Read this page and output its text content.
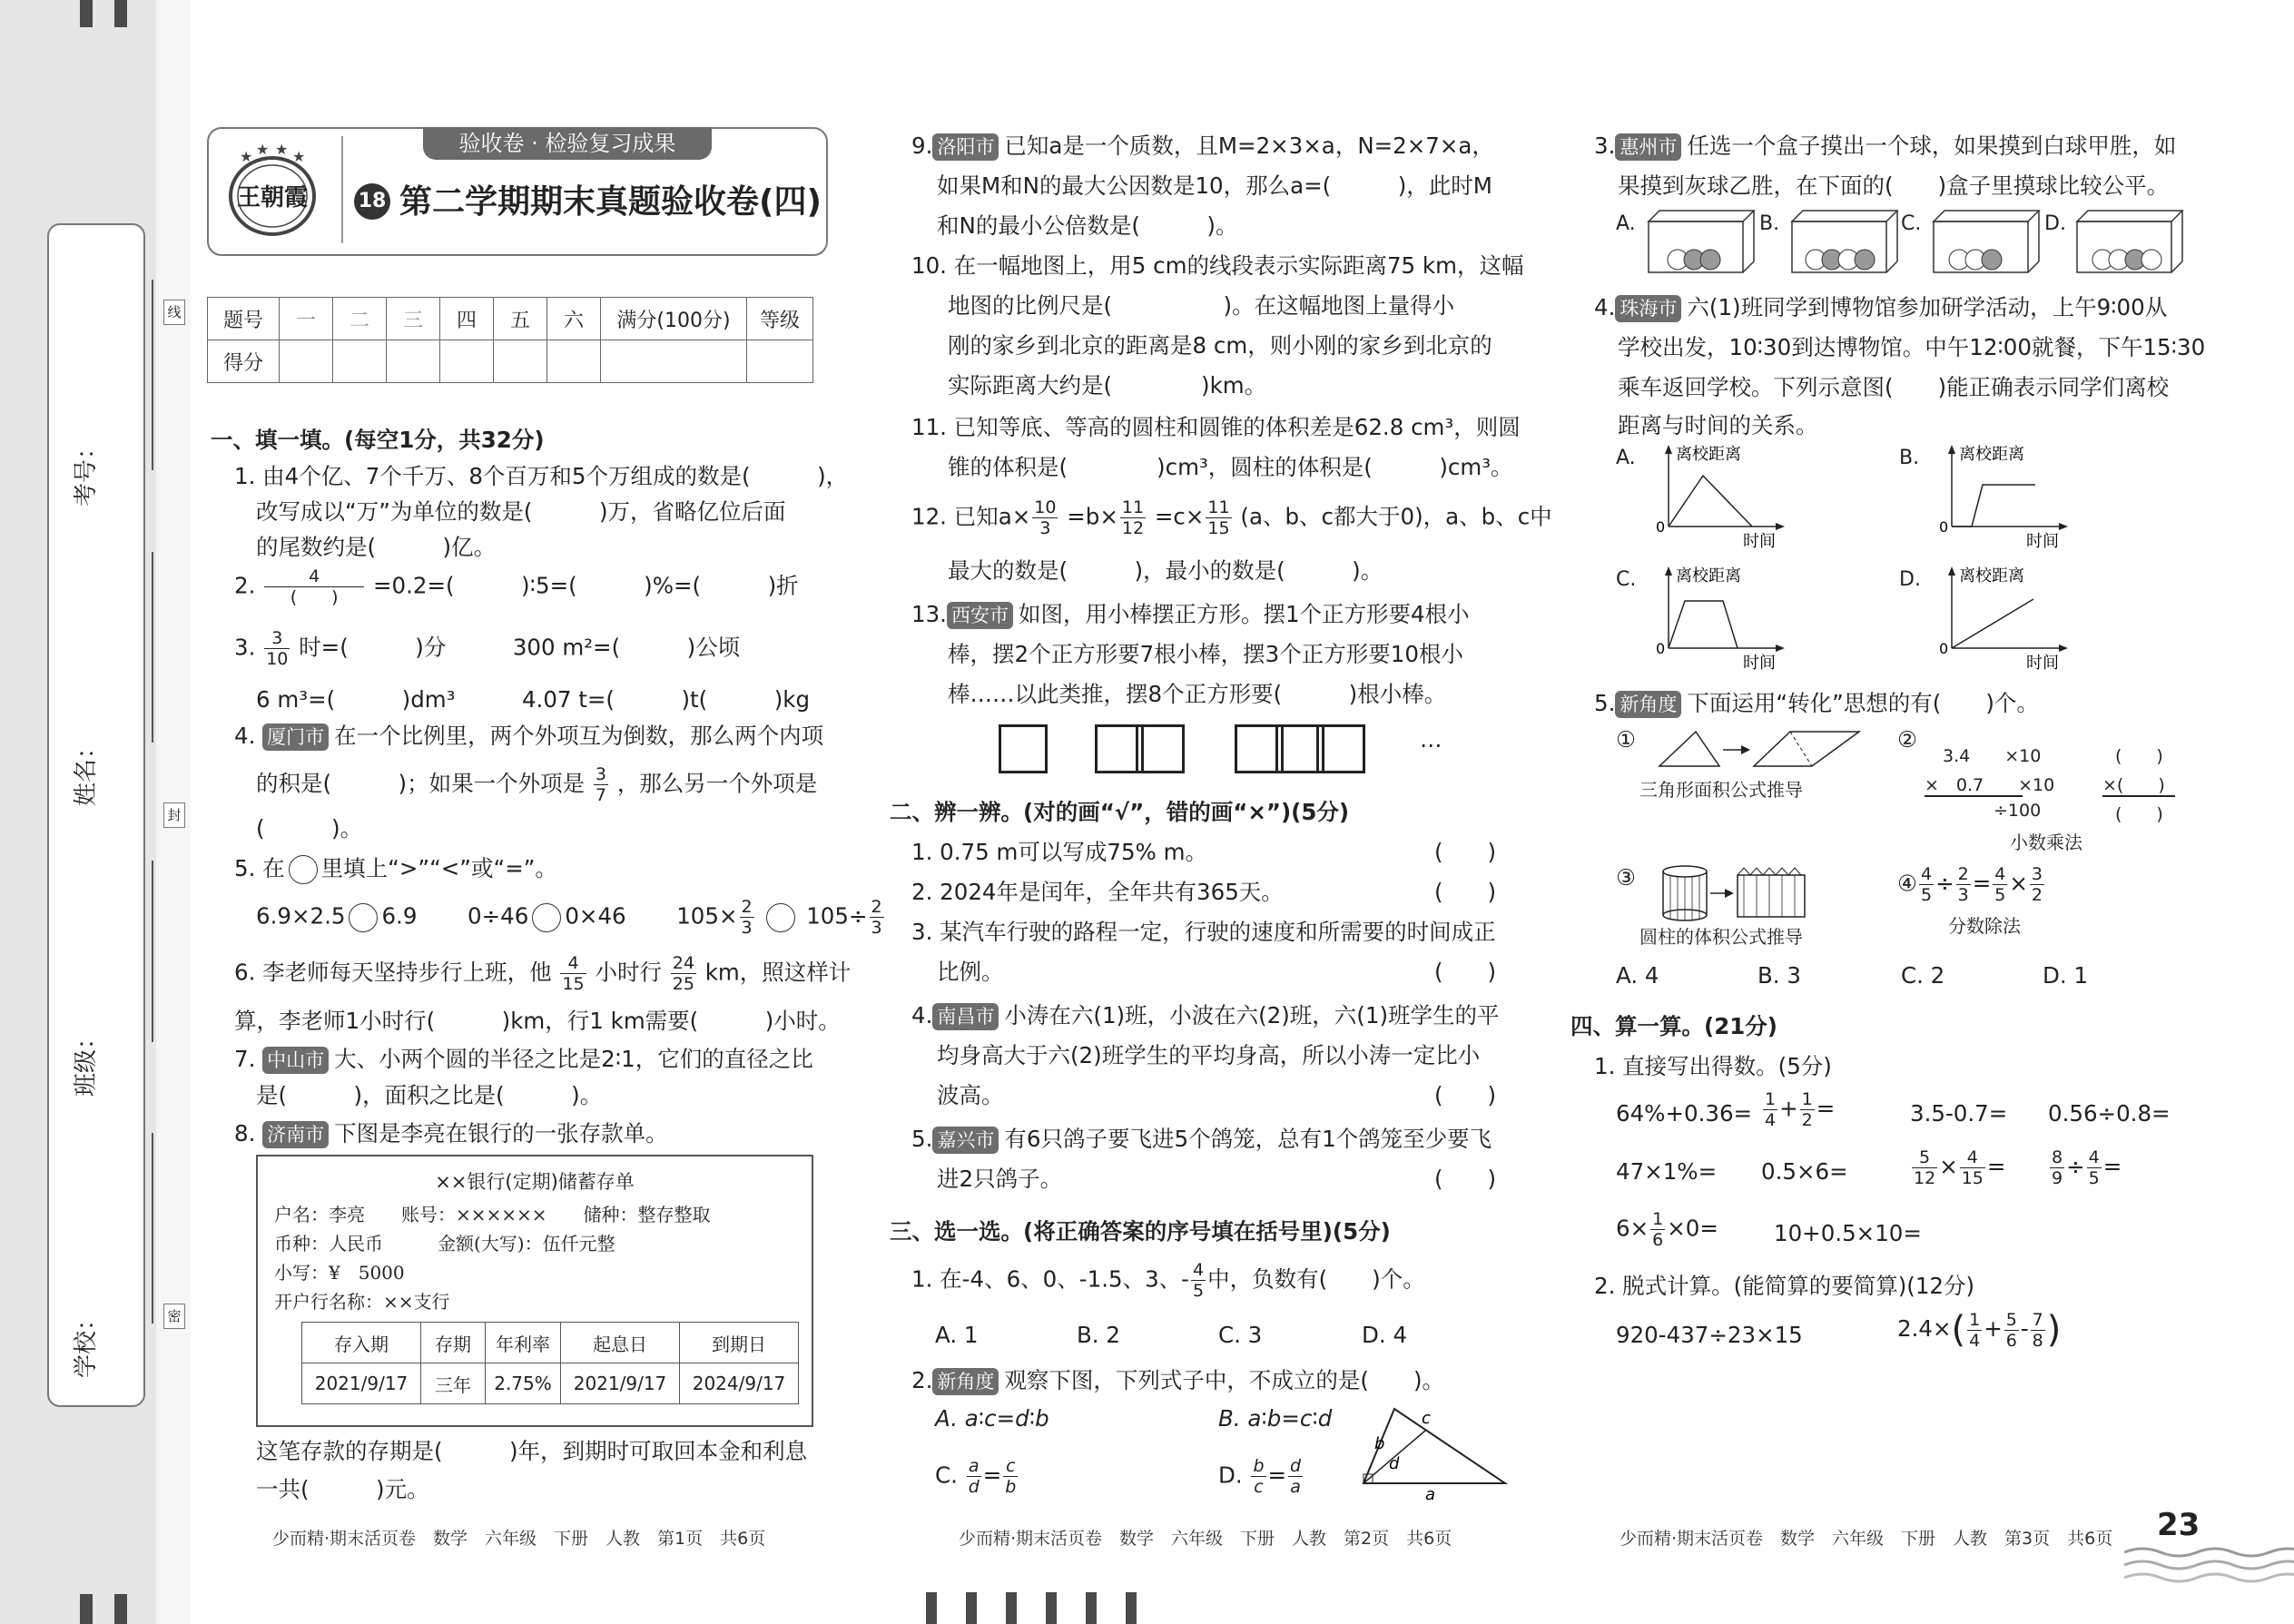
考号：
姓名：
班级：
学校：
线
封
密
★ ★ ★ ★
王朝霞
验收卷 · 检验复习成果
18 第二学期期末真题验收卷(四)
题号	一	二	三	四	五	六	满分(100分)	等级
得分								
一、填一填。(每空1分，共32分)
1. 由4个亿、7个千万、8个百万和5个万组成的数是(　　　)，
改写成以“万”为单位的数是(　　　)万，省略亿位后面
的尾数约是(　　　)亿。
2. $\frac{4}{( )} =0.2=$(　　　)∶5=(　　　)%=(　　　)折
3. $\frac{3}{10}$ 时=(　　　)分　　　300 m²=(　　　)公顷
6 m³=(　　　)dm³　　　4.07 t=(　　　)t(　　　)kg
4. 厦门市 在一个比例里，两个外项互为倒数，那么两个内项
的积是(　　　)；如果一个外项是 $\frac{3}{7}$ ，那么另一个外项是
(　　　)。
5. 在 里填上“>”“<”或“=”。
6.9×2.5 6.9 0÷46 0×46 $105\times \frac{2}{3} 105\div \frac{2}{3}$
6. 李老师每天坚持步行上班，他 $\frac{4}{15}$ 小时行 $\frac{24}{25}$ km，照这样计
算，李老师1小时行(　　　)km，行1 km需要(　　　)小时。
7. 中山市 大、小两个圆的半径之比是2∶1，它们的直径之比
是(　　　)，面积之比是(　　　)。
8. 济南市 下图是李亮在银行的一张存款单。
××银行(定期)储蓄存单
户名：李亮　　账号：××××××　　储种：整存整取
币种：人民币　　　金额(大写)：伍仟元整
小写：¥　5000
开户行名称：××支行
存入期	存期	年利率	起息日	到期日
2021/9/17	三年	2.75%	2021/9/17	2024/9/17
这笔存款的存期是(　　　)年，到期时可取回本金和利息
一共(　　　)元。
9. 洛阳市 已知a是一个质数，且M=2×3×a，N=2×7×a，
如果M和N的最大公因数是10，那么a=(　　　)，此时M
和N的最小公倍数是(　　　)。
10. 在一幅地图上，用5 cm的线段表示实际距离75 km，这幅
地图的比例尺是(　　　　　)。在这幅地图上量得小
刚的家乡到北京的距离是8 cm，则小刚的家乡到北京的
实际距离大约是(　　　　)km。
11. 已知等底、等高的圆柱和圆锥的体积差是62.8 cm³，则圆
锥的体积是(　　　　)cm³，圆柱的体积是(　　　)cm³。
12. 已知$a\times \frac{10}{3} =b\times \frac{11}{12} =c\times \frac{11}{15} (a$、b、c都大于0)，a、b、c中
最大的数是(　　　)，最小的数是(　　　)。
13. 西安市 如图，用小棒摆正方形。摆1个正方形要4根小
棒，摆2个正方形要7根小棒，摆3个正方形要10根小
棒……以此类推，摆8个正方形要(　　　)根小棒。
…
二、辨一辨。(对的画“√”，错的画“×”)(5分)
1. 0.75 m可以写成75% m。	(　　)
2. 2024年是闰年，全年共有365天。	(　　)
3. 某汽车行驶的路程一定，行驶的速度和所需要的时间成正
比例。	(　　)
4. 南昌市 小涛在六(1)班，小波在六(2)班，六(1)班学生的平
均身高大于六(2)班学生的平均身高，所以小涛一定比小
波高。	(　　)
5. 嘉兴市 有6只鸽子要飞进5个鸽笼，总有1个鸽笼至少要飞
进2只鸽子。	(　　)
三、选一选。(将正确答案的序号填在括号里)(5分)
1. 在-4、6、0、-1.5、3、- $\frac{4}{5}$ 中，负数有(　　)个。
A. 1	B. 2	C. 3	D. 4
2. 新角度 观察下图，下列式子中，不成立的是(　　)。
A. a∶c=d∶b	B. a∶b=c∶d
C. $\frac{a}{d} = \frac{c}{b}$	D. $\frac{b}{c} = \frac{d}{a}$
b
d
c
a
3. 惠州市 任选一个盒子摸出一个球，如果摸到白球甲胜，如
果摸到灰球乙胜，在下面的(　　)盒子里摸球比较公平。
A.	B.	C.	D.
4. 珠海市 六(1)班同学到博物馆参加研学活动，上午9∶00从
学校出发，10∶30到达博物馆。中午12∶00就餐，下午15∶30
乘车返回学校。下列示意图(　　)能正确表示同学们离校
距离与时间的关系。
A.	B.
C.	D.
离校距离
0
时间
离校距离
0
时间
离校距离
0
时间
离校距离
0
时间
5. 新角度 下面运用“转化”思想的有(　　)个。
①
三角形面积公式推导
②
3.4　　×10
×　0.7　　×10
　　　　÷100
(　　)
×(　　)
(　　)
小数乘法
③
圆柱的体积公式推导
④ $\frac{4}{5} \div \frac{2}{3} = \frac{4}{5} \times \frac{3}{2}$
分数除法
A. 4	B. 3	C. 2	D. 1
四、算一算。(21分)
1. 直接写出得数。(5分)
$64\%+0.36= \frac{1}{4} + \frac{1}{2}$ =	3.5-0.7= 0.56÷0.8=
47×1%= 0.5×6=	$\frac{5}{12} \times \frac{4}{15}$ =	$\frac{8}{9} \div \frac{4}{5}$ =
$6\times \frac{1}{6} \times 0= 10+0.5\times 10=$
2. 脱式计算。(能简算的要简算)(12分)
920-437÷23×15	$2.4\times( \frac{1}{4} + \frac{5}{6} - \frac{7}{8}$ )
少而精·期末活页卷　数学　六年级　下册　人教　第1页　共6页	少而精·期末活页卷　数学　六年级　下册　人教　第2页　共6页	少而精·期末活页卷　数学　六年级　下册　人教　第3页　共6页 23
